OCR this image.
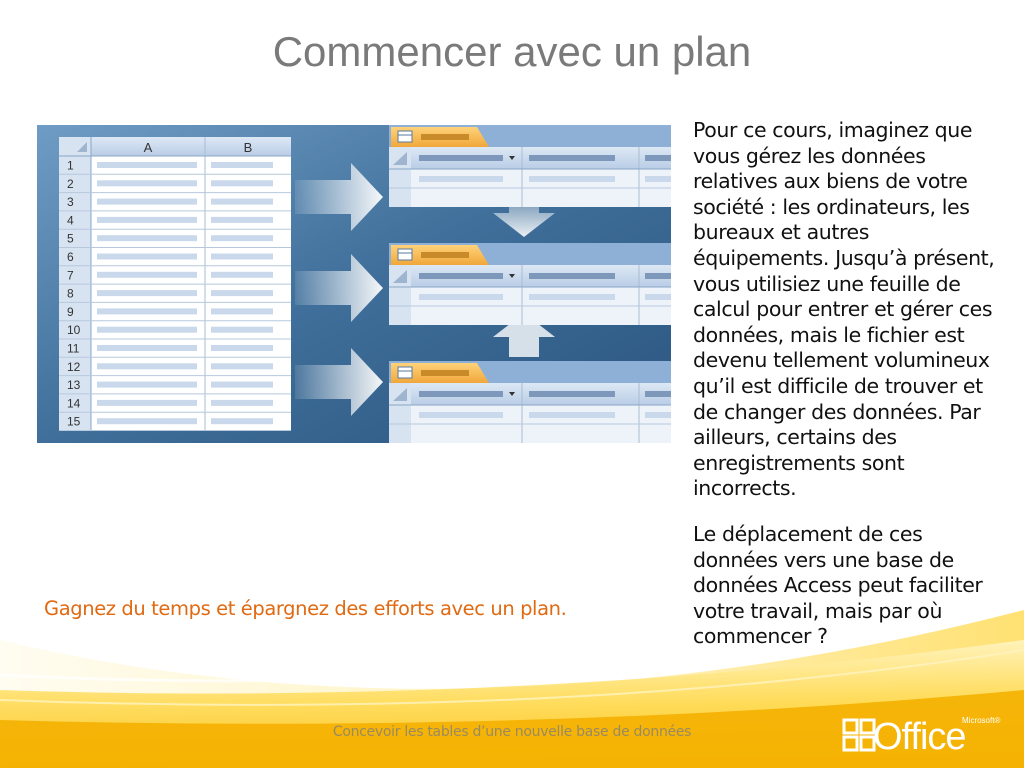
Commencer avec un plan
A	B
1
2
3
4
5
6
7
8
9
10
11
12
13
14
15

Pour ce cours, imaginez que vous gérez les données relatives aux biens de votre société : les ordinateurs, les bureaux et autres équipements. Jusqu’à présent, vous utilisiez une feuille de calcul pour entrer et gérer ces données, mais le fichier est devenu tellement volumineux qu’il est difficile de trouver et de changer des données. Par ailleurs, certains des enregistrements sont incorrects.

Le déplacement de ces données vers une base de données Access peut faciliter votre travail, mais par où commencer ?

Gagnez du temps et épargnez des efforts avec un plan.
Concevoir les tables d’une nouvelle base de données	Office
Microsoft®
